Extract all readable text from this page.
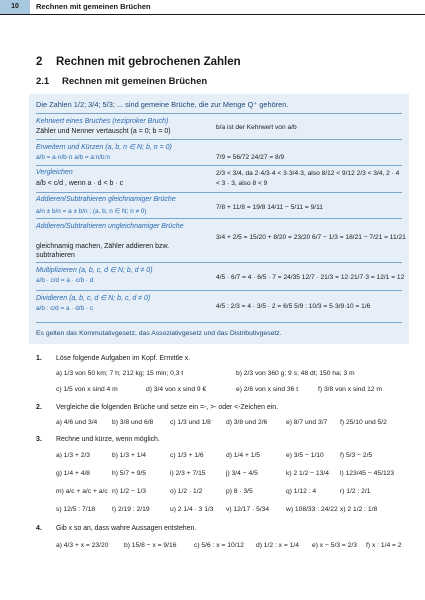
10	Rechnen mit gemeinen Brüchen
2 Rechnen mit gebrochenen Zahlen
2.1 Rechnen mit gemeinen Brüchen
Die Zahlen 1/2; 3/4; 5/3; ... sind gemeine Brüche, die zur Menge Q⁺ gehören.
Kehrwert eines Bruches (reziproker Bruch)
Zähler und Nenner vertauscht (a = 0; b = 0)
b/a ist der Kehrwert von a/b
Erweitern und Kürzen (a, b, n ∈ N; b, n = 0)
a/b = a·n/b·n a/b = a:n/b:n	7/9 = 56/72 24/27 = 8/9
Vergleichen
a/b < c/d , wenn a · d < b · c
2/3 < 3/4, da 2·4/3·4 < 3·3/4·3, also 8/12 < 9/12 2/3 < 3/4, 2 · 4 < 3 · 3, also 8 < 9
Addieren/Subtrahieren gleichnamiger Brüche
a/n ± b/n = a ± b/n ; (a, b, n ∈ N; n ≠ 0)
7/8 + 11/8 = 19/8 14/11 − 5/11 = 9/11
Addieren/Subtrahieren ungleichnamiger Brüche
gleichnamig machen, Zähler addieren bzw. subtrahieren
3/4 + 2/5 = 15/20 + 8/20 = 23/20 6/7 − 1/3 = 18/21 − 7/21 = 11/21
Multiplizieren (a, b, c, d ∈ N; b, d ≠ 0)
a/b · c/d = a · c/b · d	4/5 · 6/7 = 4 · 6/5 · 7 = 24/35 12/7 · 21/3 = 12·21/7·3 = 12/1 = 12
Dividieren (a, b, c, d ∈ N; b, c, d ≠ 0)
a/b : c/d = a · d/b · c	4/5 : 2/3 = 4 · 3/5 · 2 = 6/5 5/9 : 10/3 = 5·3/9·10 = 1/6
Es gelten das Kommutativgesetz, das Assoziativgesetz und das Distributivgesetz.
1. Löse folgende Aufgaben im Kopf. Ermittle x.
a) 1/3 von 50 km; 7 h; 212 kg; 15 min; 0,3 t	b) 2/3 von 360 g; 9 s; 48 dt; 150 ha; 3 m
c) 1/5 von x sind 4 m	d) 3/4 von x sind 9 €	e) 2/6 von x sind 36 t	f) 3/8 von x sind 12 m
2. Vergleiche die folgenden Brüche und setze ein =-, >- oder <-Zeichen ein.
a) 4/6 und 3/4 b) 3/8 und 6/8 c) 1/3 und 1/8 d) 3/8 und 2/6	e) 8/7 und 3/7 f) 25/10 und 5/2
3. Rechne und kürze, wenn möglich.
a) 1/3 + 2/3	b) 1/3 + 1/4	c) 1/3 + 1/6	d) 1/4 + 1/5	e) 3/5 − 1/10 f) 5/3 − 2/5
g) 1/4 + 4/8	h) 5/7 + 9/5	i) 2/3 + 7/15	j) 3/4 − 4/5	k) 2 1/2 − 13/4 l) 123/45 − 45/123
m) a/c + a/c + a/c n) 1/2 − 1/3	o) 1/2 · 1/2	p) 8 · 3/5	q) 1/12 : 4	r) 1/2 : 2/1
s) 12/5 : 7/18	t) 2/19 : 2/19	u) 2 1/4 · 3 1/3 v) 12/17 · 5/34	w) 108/33 : 24/22 x) 2 1/2 : 1/8
4. Gib x so an, dass wahre Aussagen entstehen.
a) 4/3 + x = 23/20 b) 15/8 − x = 9/16	c) 5/6 : x = 10/12 d) 1/2 : x = 1/4 e) x − 5/3 = 2/3 f) x : 1/4 = 2
